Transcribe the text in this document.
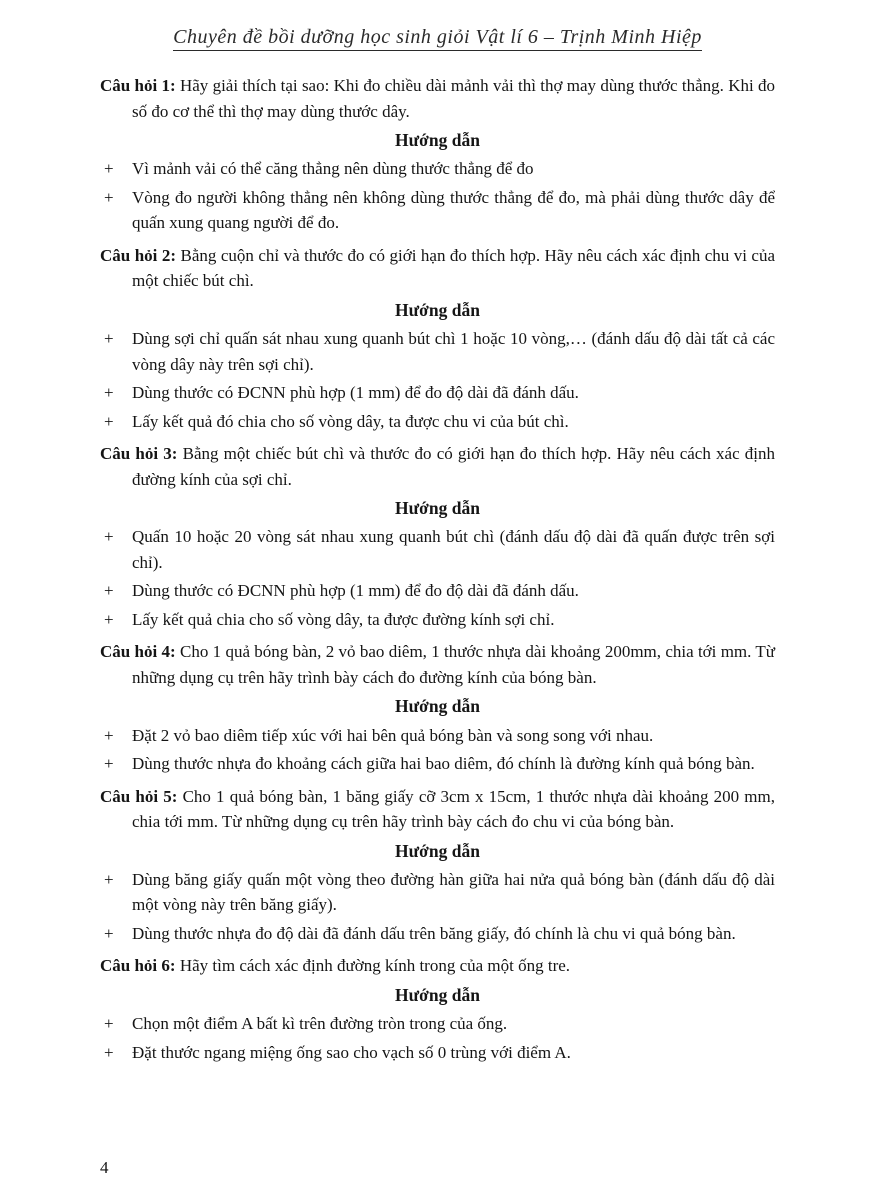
Chuyên đề bồi dưỡng học sinh giỏi Vật lí 6 – Trịnh Minh Hiệp

Câu hỏi 1: Hãy giải thích tại sao: Khi đo chiều dài mảnh vải thì thợ may dùng thước thẳng. Khi đo số đo cơ thể thì thợ may dùng thước dây.

Hướng dẫn

+ Vì mảnh vải có thể căng thẳng nên dùng thước thẳng để đo
+ Vòng đo người không thẳng nên không dùng thước thẳng để đo, mà phải dùng thước dây để quấn xung quang người để đo.

Câu hỏi 2: Bằng cuộn chỉ và thước đo có giới hạn đo thích hợp. Hãy nêu cách xác định chu vi của một chiếc bút chì.

Hướng dẫn

+ Dùng sợi chỉ quấn sát nhau xung quanh bút chì 1 hoặc 10 vòng,… (đánh dấu độ dài tất cả các vòng dây này trên sợi chỉ).
+ Dùng thước có ĐCNN phù hợp (1 mm) để đo độ dài đã đánh dấu.
+ Lấy kết quả đó chia cho số vòng dây, ta được chu vi của bút chì.

Câu hỏi 3: Bằng một chiếc bút chì và thước đo có giới hạn đo thích hợp. Hãy nêu cách xác định đường kính của sợi chỉ.

Hướng dẫn

+ Quấn 10 hoặc 20 vòng sát nhau xung quanh bút chì (đánh dấu độ dài đã quấn được trên sợi chỉ).
+ Dùng thước có ĐCNN phù hợp (1 mm) để đo độ dài đã đánh dấu.
+ Lấy kết quả chia cho số vòng dây, ta được đường kính sợi chỉ.

Câu hỏi 4: Cho 1 quả bóng bàn, 2 vỏ bao diêm, 1 thước nhựa dài khoảng 200mm, chia tới mm. Từ những dụng cụ trên hãy trình bày cách đo đường kính của bóng bàn.

Hướng dẫn

+ Đặt 2 vỏ bao diêm tiếp xúc với hai bên quả bóng bàn và song song với nhau.
+ Dùng thước nhựa đo khoảng cách giữa hai bao diêm, đó chính là đường kính quả bóng bàn.

Câu hỏi 5: Cho 1 quả bóng bàn, 1 băng giấy cỡ 3cm x 15cm, 1 thước nhựa dài khoảng 200 mm, chia tới mm. Từ những dụng cụ trên hãy trình bày cách đo chu vi của bóng bàn.

Hướng dẫn

+ Dùng băng giấy quấn một vòng theo đường hàn giữa hai nửa quả bóng bàn (đánh dấu độ dài một vòng này trên băng giấy).
+ Dùng thước nhựa đo độ dài đã đánh dấu trên băng giấy, đó chính là chu vi quả bóng bàn.

Câu hỏi 6: Hãy tìm cách xác định đường kính trong của một ống tre.

Hướng dẫn

+ Chọn một điểm A bất kì trên đường tròn trong của ống.
+ Đặt thước ngang miệng ống sao cho vạch số 0 trùng với điểm A.
4
